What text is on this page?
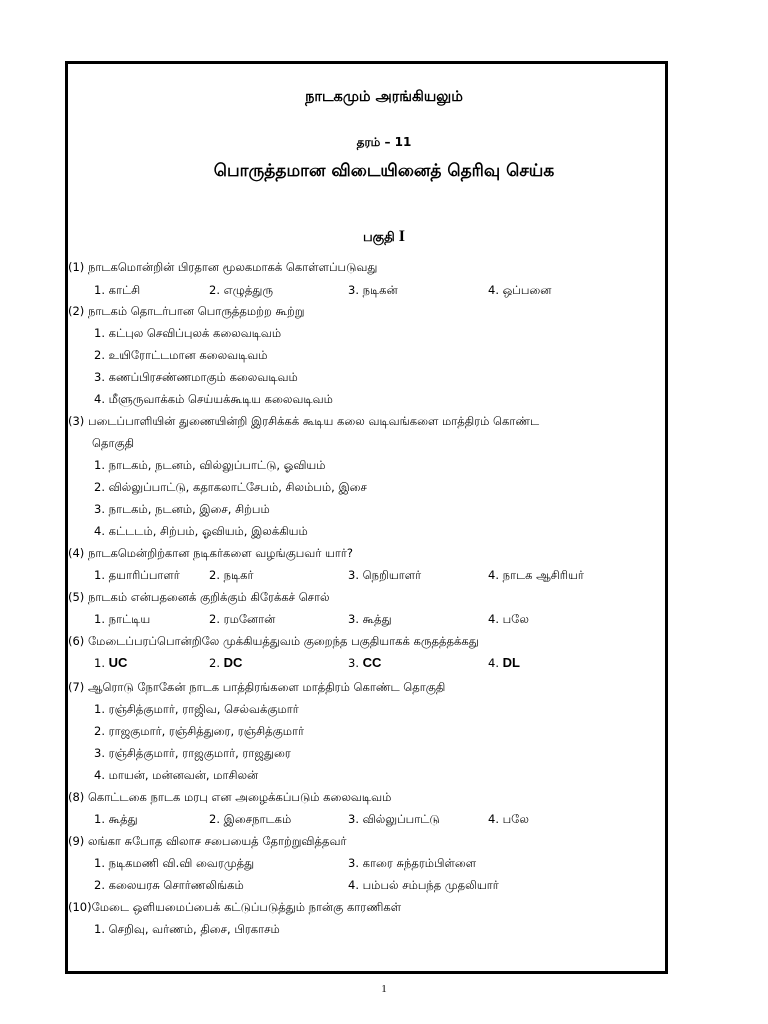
நாடகமும் அரங்கியலும்
தரம் – 11
பொருத்தமான விடையினைத் தெரிவு செய்க
பகுதி I
(1) நாடகமொன்றின் பிரதான மூலகமாகக் கொள்ளப்படுவது
1. காட்சி	2. எழுத்துரு	3. நடிகன்	4. ஒப்பனை
(2) நாடகம் தொடர்பான பொருத்தமற்ற கூற்று
1. கட்புல செவிப்புலக் கலைவடிவம்
2. உயிரோட்டமான கலைவடிவம்
3. கணப்பிரசண்ணமாகும் கலைவடிவம்
4. மீளுருவாக்கம் செய்யக்கூடிய கலைவடிவம்
(3) படைப்பாளியின் துணையின்றி இரசிக்கக் கூடிய கலை வடிவங்களை மாத்திரம் கொண்ட
தொகுதி
1. நாடகம், நடனம், வில்லுப்பாட்டு, ஓவியம்
2. வில்லுப்பாட்டு, கதாகலாட்சேபம், சிலம்பம், இசை
3. நாடகம், நடனம், இசை, சிற்பம்
4. கட்டடம், சிற்பம், ஓவியம், இலக்கியம்
(4) நாடகமென்றிற்கான நடிகர்களை வழங்குபவர் யார்?
1. தயாரிப்பாளர்	2. நடிகர்	3. நெறியாளர்	4. நாடக ஆசிரியர்
(5) நாடகம் என்பதனைக் குறிக்கும் கிரேக்கச் சொல்
1. நாட்டிய	2. ரமனோன்	3. கூத்து	4. பலே
(6) மேடைப்பரப்பொன்றிலே முக்கியத்துவம் குறைந்த பகுதியாகக் கருதத்தக்கது
1. UC	2. DC	3. CC	4. DL
(7) ஆரொடு நோகேன் நாடக பாத்திரங்களை மாத்திரம் கொண்ட தொகுதி
1. ரஞ்சித்குமார், ராஜிவ, செல்வக்குமார்
2. ராஜகுமார், ரஞ்சித்துரை, ரஞ்சித்குமார்
3. ரஞ்சித்குமார், ராஜகுமார், ராஜதுரை
4. மாயன், மன்னவன், மாசிலன்
(8) கொட்டகை நாடக மரபு என அழைக்கப்படும் கலைவடிவம்
1. கூத்து	2. இசைநாடகம்	3. வில்லுப்பாட்டு	4. பலே
(9) லங்கா சுபோத விலாச சபையைத் தோற்றுவித்தவர்
1. நடிகமணி வி.வி வைரமுத்து	3. காரை சுந்தரம்பிள்ளை
2. கலையரசு சொர்ணலிங்கம்	4. பம்பல் சம்பந்த முதலியார்
(10)மேடை ஒளியமைப்பைக் கட்டுப்படுத்தும் நான்கு காரணிகள்
1. செறிவு, வர்ணம், திசை, பிரகாசம்
1
